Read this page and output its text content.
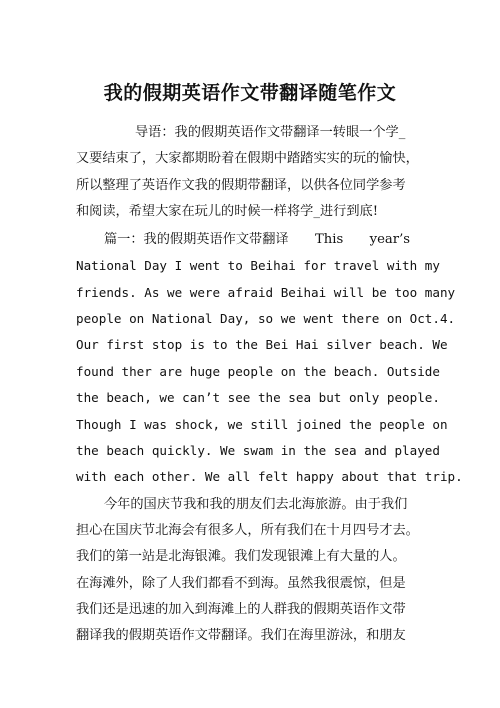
我的假期英语作文带翻译随笔作文
导语：我的假期英语作文带翻译一转眼一个学_
又要结束了，大家都期盼着在假期中踏踏实实的玩的愉快，
所以整理了英语作文我的假期带翻译，以供各位同学参考
和阅读，希望大家在玩儿的时候一样将学_进行到底!
篇一：我的假期英语作文带翻译　　This　　year’s
National Day I went to Beihai for travel with my
friends. As we were afraid Beihai will be too many
people on National Day, so we went there on Oct.4.
Our first stop is to the Bei Hai silver beach. We
found ther are huge people on the beach. Outside
the beach, we can’t see the sea but only people.
Though I was shock, we still joined the people on
the beach quickly. We swam in the sea and played
with each other. We all felt happy about that trip.
今年的国庆节我和我的朋友们去北海旅游。由于我们
担心在国庆节北海会有很多人，所有我们在十月四号才去。
我们的第一站是北海银滩。我们发现银滩上有大量的人。
在海滩外，除了人我们都看不到海。虽然我很震惊，但是
我们还是迅速的加入到海滩上的人群我的假期英语作文带
翻译我的假期英语作文带翻译。我们在海里游泳，和朋友
